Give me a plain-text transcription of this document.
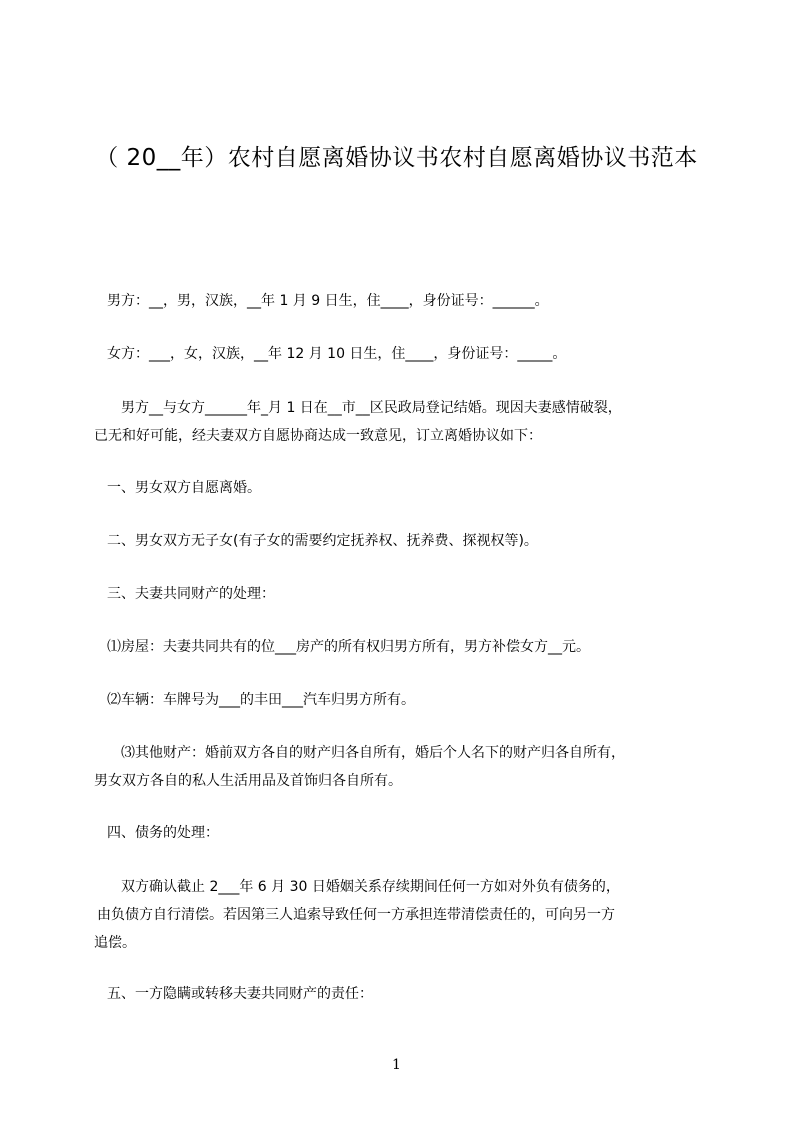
（ 20__年）农村自愿离婚协议书农村自愿离婚协议书范本
男方：__，男，汉族，__年 1 月 9 日生，住____，身份证号：______。
女方：___，女，汉族，__年 12 月 10 日生，住____，身份证号：_____。
　男方__与女方______年_月 1 日在__市__区民政局登记结婚。现因夫妻感情破裂，
已无和好可能，经夫妻双方自愿协商达成一致意见，订立离婚协议如下：
一、男女双方自愿离婚。
二、男女双方无子女(有子女的需要约定抚养权、抚养费、探视权等)。
三、夫妻共同财产的处理：
⑴房屋：夫妻共同共有的位___房产的所有权归男方所有，男方补偿女方__元。
⑵车辆：车牌号为___的丰田___汽车归男方所有。
　⑶其他财产：婚前双方各自的财产归各自所有，婚后个人名下的财产归各自所有，
男女双方各自的私人生活用品及首饰归各自所有。
四、债务的处理：
　双方确认截止 2___年 6 月 30 日婚姻关系存续期间任何一方如对外负有债务的，
由负债方自行清偿。若因第三人追索导致任何一方承担连带清偿责任的，可向另一方
追偿。
五、一方隐瞒或转移夫妻共同财产的责任：
1
